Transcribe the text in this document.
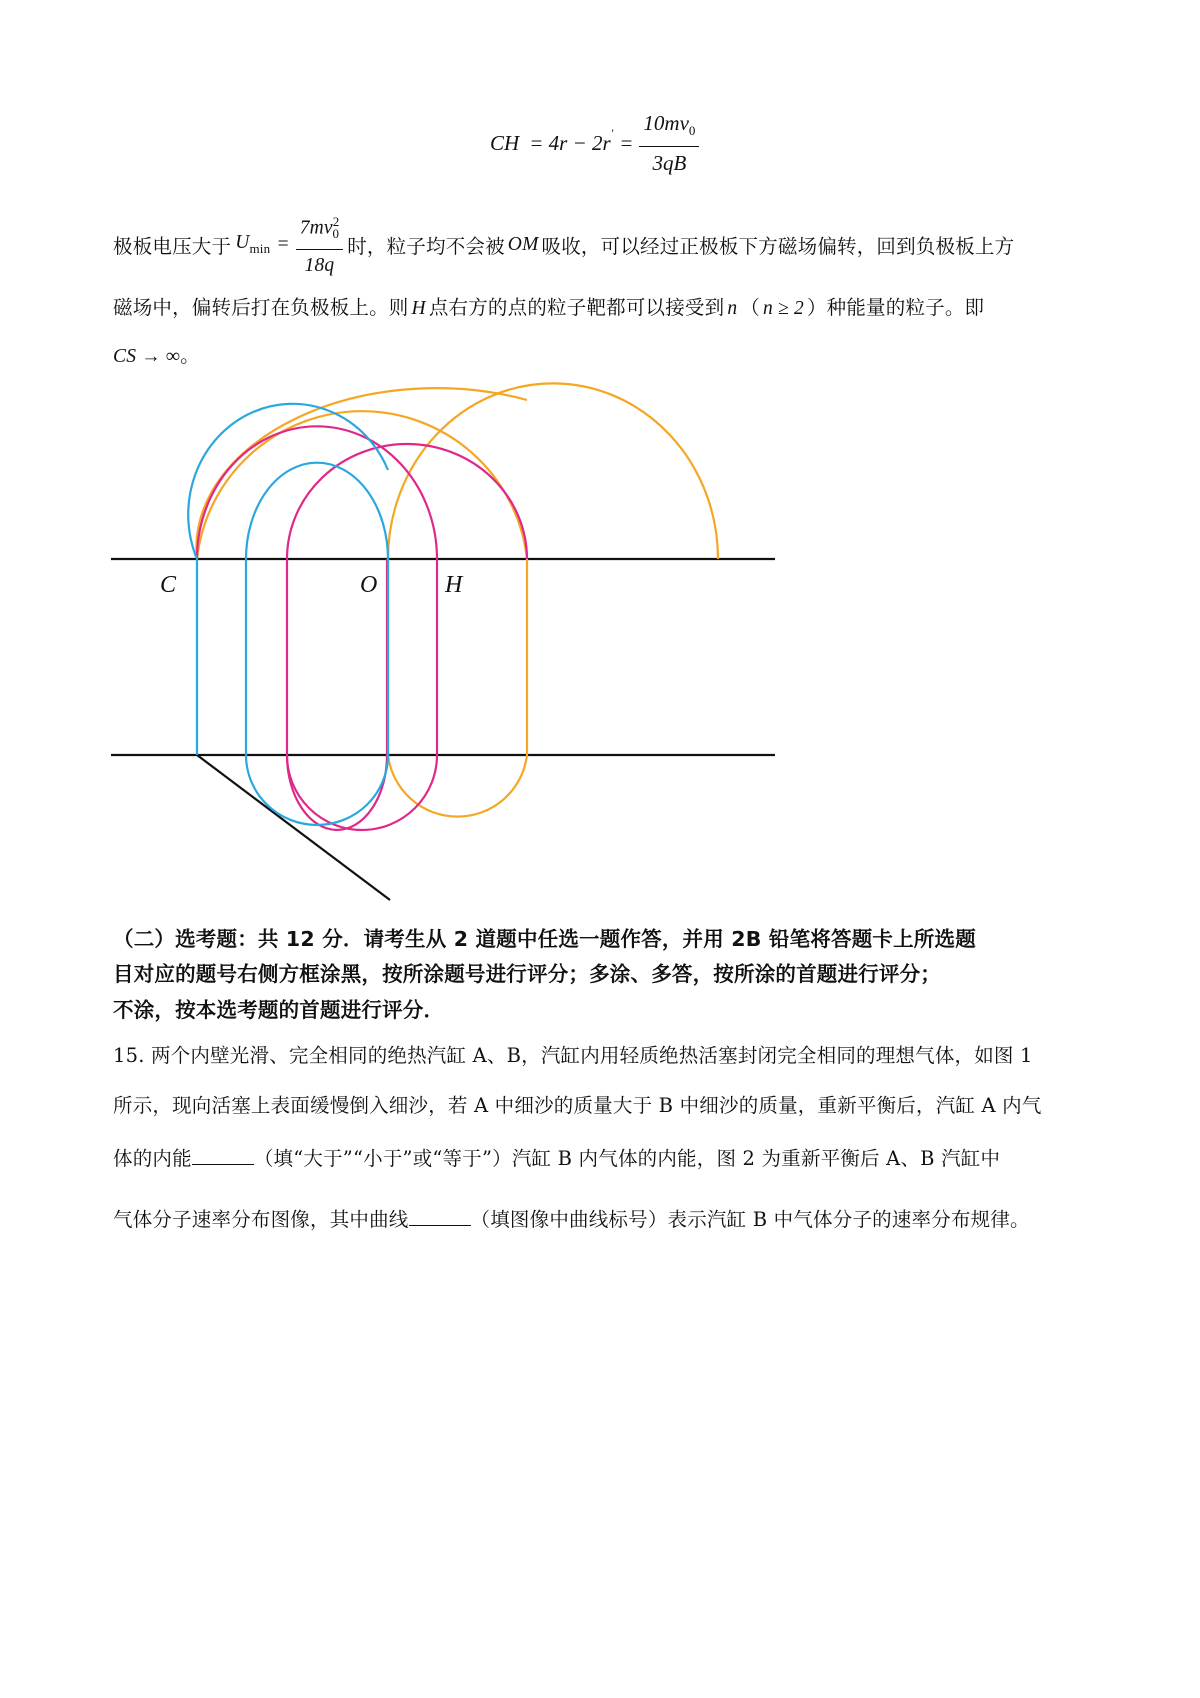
CH = 4r − 2r ′ = $\frac{10mv_0}{3qB}$
极板电压大于 $U_{min} = \frac{7mv^2_0}{18q}$ 时，粒子均不会被 OM 吸收，可以经过正极板下方磁场偏转，回到负极板上方
磁场中，偏转后打在负极板上。则 H 点右方的点的粒子靶都可以接受到 n （ n ≥ 2 ）种能量的粒子。即
CS → ∞。
C	O	H
（二）选考题：共 12 分．请考生从 2 道题中任选一题作答，并用 2B 铅笔将答题卡上所选题
目对应的题号右侧方框涂黑，按所涂题号进行评分；多涂、多答，按所涂的首题进行评分；
不涂，按本选考题的首题进行评分．
15. 两个内壁光滑、完全相同的绝热汽缸 A、B，汽缸内用轻质绝热活塞封闭完全相同的理想气体，如图 1
所示，现向活塞上表面缓慢倒入细沙，若 A 中细沙的质量大于 B 中细沙的质量，重新平衡后，汽缸 A 内气
体的内能	（填“大于”“小于”或“等于”）汽缸 B 内气体的内能，图 2 为重新平衡后 A、B 汽缸中
气体分子速率分布图像，其中曲线	（填图像中曲线标号）表示汽缸 B 中气体分子的速率分布规律。
